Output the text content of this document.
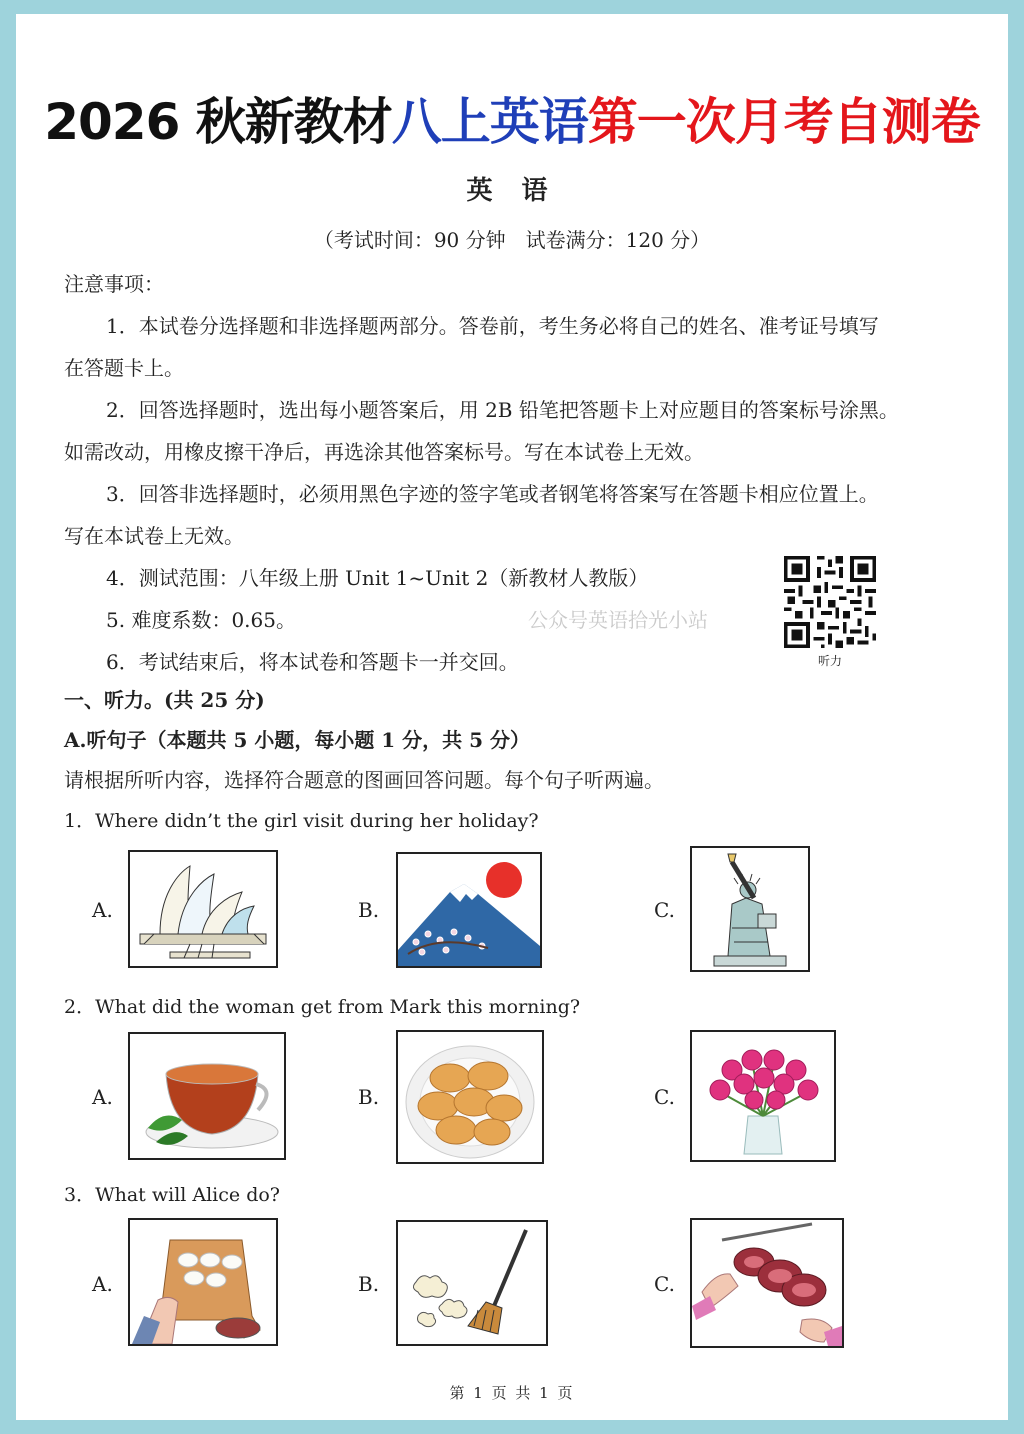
2026 秋新教材八上英语第一次月考自测卷
英 语
（考试时间：90 分钟　试卷满分：120 分）
注意事项：
1．本试卷分选择题和非选择题两部分。答卷前，考生务必将自己的姓名、准考证号填写
在答题卡上。
2．回答选择题时，选出每小题答案后，用 2B 铅笔把答题卡上对应题目的答案标号涂黑。
如需改动，用橡皮擦干净后，再选涂其他答案标号。写在本试卷上无效。
3．回答非选择题时，必须用黑色字迹的签字笔或者钢笔将答案写在答题卡相应位置上。
写在本试卷上无效。
4．测试范围：八年级上册 Unit 1~Unit 2（新教材人教版）
5. 难度系数：0.65。
6．考试结束后，将本试卷和答题卡一并交回。
公众号英语拾光小站
听力
一、听力。(共 25 分)
A.听句子（本题共 5 小题，每小题 1 分，共 5 分）
请根据所听内容，选择符合题意的图画回答问题。每个句子听两遍。
1．Where didn’t the girl visit during her holiday?
A.	B.	C.
2．What did the woman get from Mark this morning?
A.	B.	C.
3．What will Alice do?
A.	B.	C.
第 1 页 共 1 页
